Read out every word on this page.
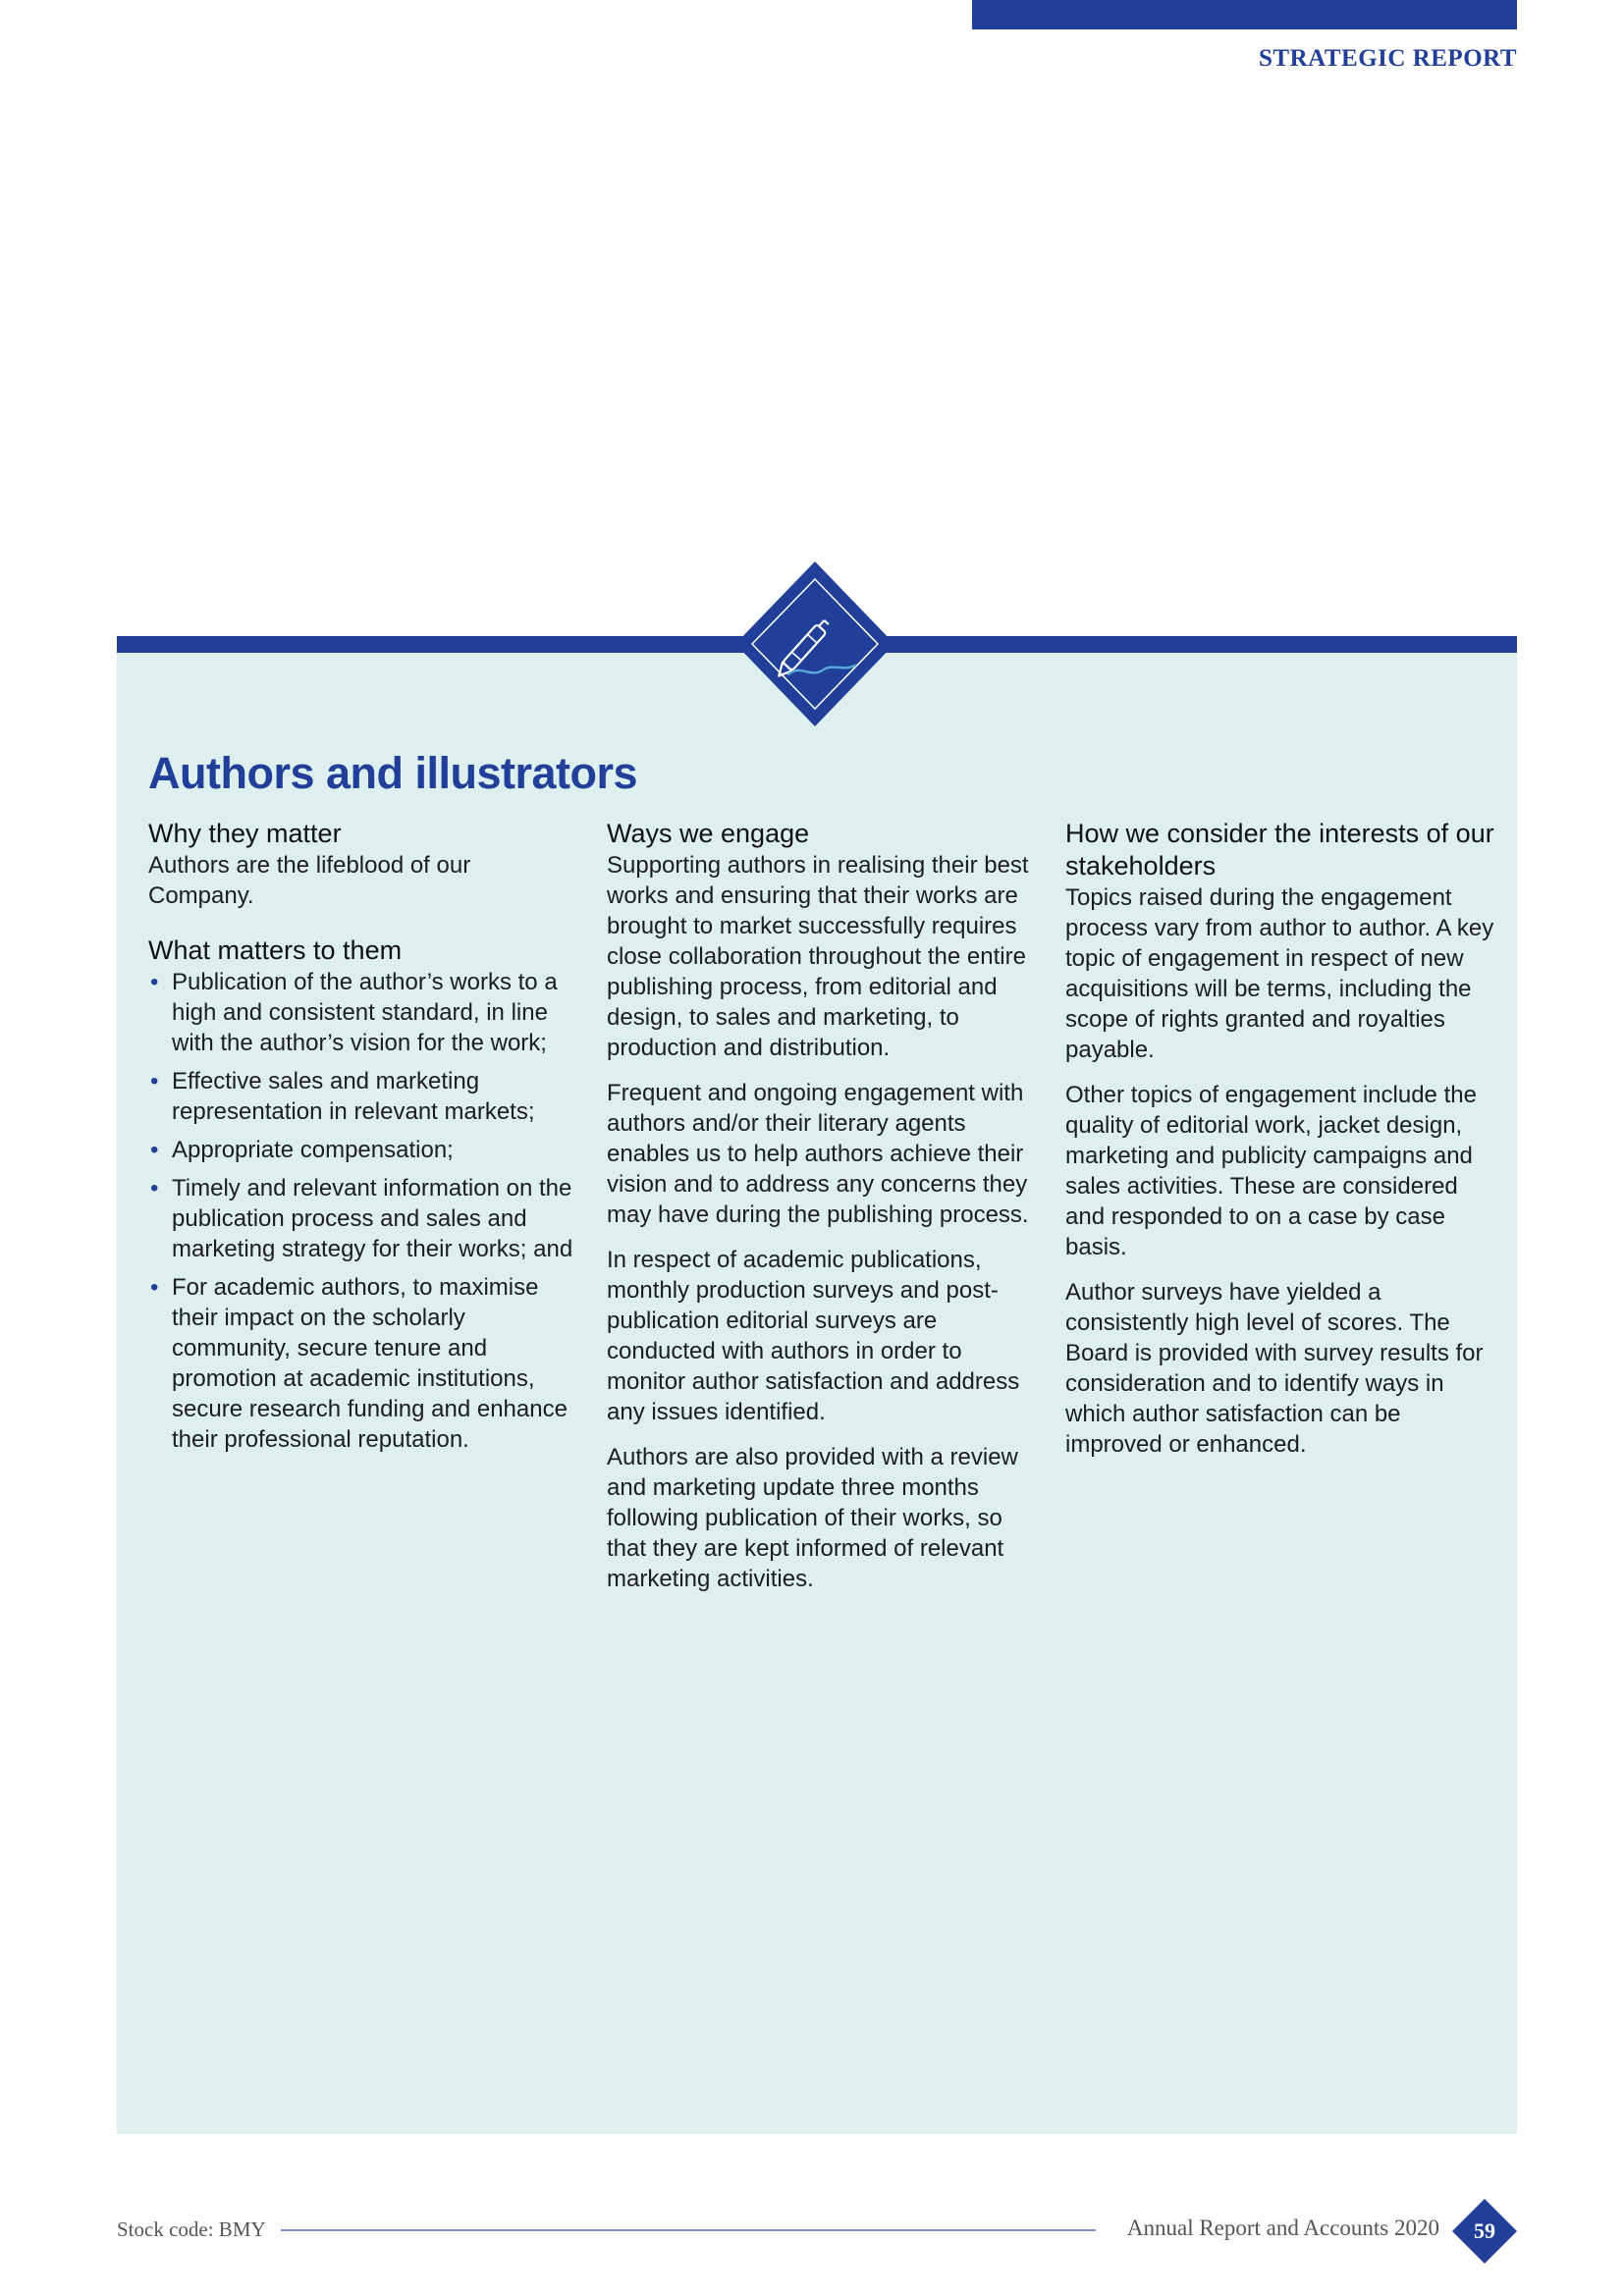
STRATEGIC REPORT
Authors and illustrators
Why they matter

Authors are the lifeblood of our Company.

What matters to them
• Publication of the author’s works to a high and consistent standard, in line with the author’s vision for the work;
• Effective sales and marketing representation in relevant markets;
• Appropriate compensation;
• Timely and relevant information on the publication process and sales and marketing strategy for their works; and
• For academic authors, to maximise their impact on the scholarly community, secure tenure and promotion at academic institutions, secure research funding and enhance their professional reputation.
Ways we engage

Supporting authors in realising their best works and ensuring that their works are brought to market successfully requires close collaboration throughout the entire publishing process, from editorial and design, to sales and marketing, to production and distribution.

Frequent and ongoing engagement with authors and/or their literary agents enables us to help authors achieve their vision and to address any concerns they may have during the publishing process.

In respect of academic publications, monthly production surveys and post-publication editorial surveys are conducted with authors in order to monitor author satisfaction and address any issues identified.

Authors are also provided with a review and marketing update three months following publication of their works, so that they are kept informed of relevant marketing activities.

How we consider the interests of our stakeholders

Topics raised during the engagement process vary from author to author. A key topic of engagement in respect of new acquisitions will be terms, including the scope of rights granted and royalties payable.

Other topics of engagement include the quality of editorial work, jacket design, marketing and publicity campaigns and sales activities. These are considered and responded to on a case by case basis.

Author surveys have yielded a consistently high level of scores. The Board is provided with survey results for consideration and to identify ways in which author satisfaction can be improved or enhanced.

Stock code: BMY	Annual Report and Accounts 2020	59
